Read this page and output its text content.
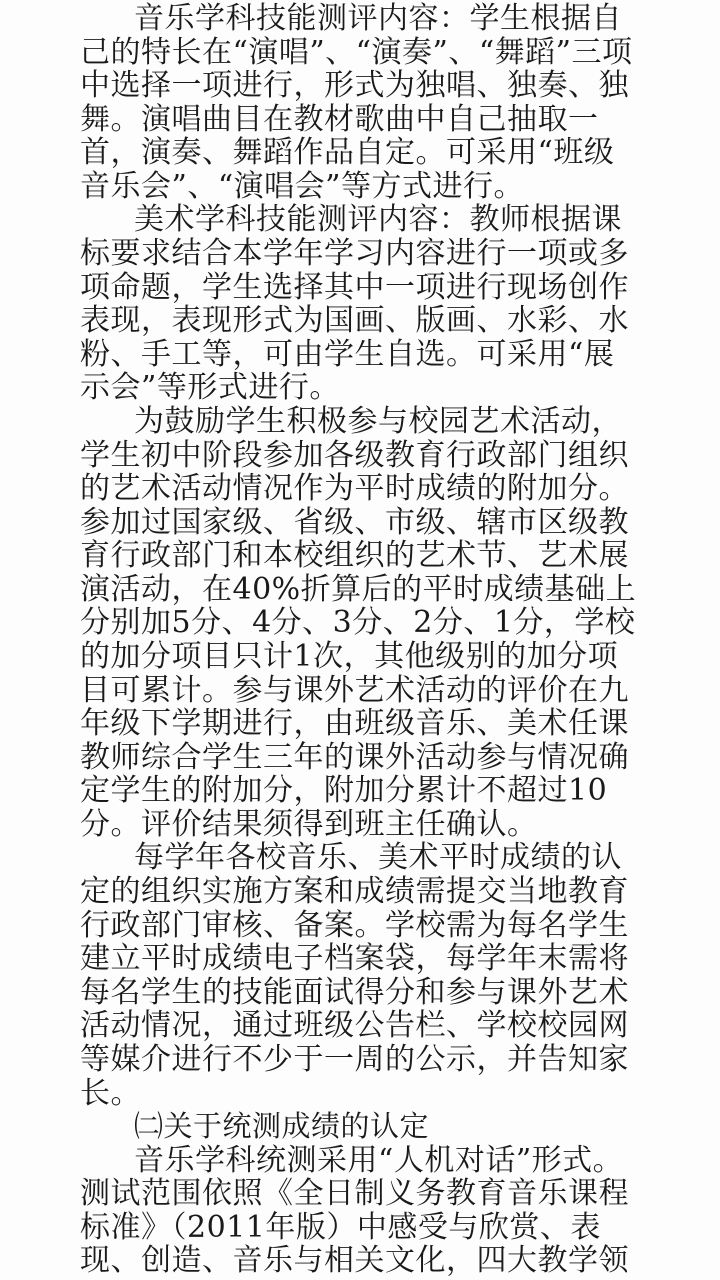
音乐学科技能测评内容：学生根据自
己的特长在“演唱”、“演奏”、“舞蹈”三项
中选择一项进行，形式为独唱、独奏、独
舞。演唱曲目在教材歌曲中自己抽取一
首，演奏、舞蹈作品自定。可采用“班级
音乐会”、“演唱会”等方式进行。
美术学科技能测评内容：教师根据课
标要求结合本学年学习内容进行一项或多
项命题，学生选择其中一项进行现场创作
表现，表现形式为国画、版画、水彩、水
粉、手工等，可由学生自选。可采用“展
示会”等形式进行。
为鼓励学生积极参与校园艺术活动，
学生初中阶段参加各级教育行政部门组织
的艺术活动情况作为平时成绩的附加分。
参加过国家级、省级、市级、辖市区级教
育行政部门和本校组织的艺术节、艺术展
演活动，在40%折算后的平时成绩基础上
分别加5分、4分、3分、2分、1分，学校
的加分项目只计1次，其他级别的加分项
目可累计。参与课外艺术活动的评价在九
年级下学期进行，由班级音乐、美术任课
教师综合学生三年的课外活动参与情况确
定学生的附加分，附加分累计不超过10
分。评价结果须得到班主任确认。
每学年各校音乐、美术平时成绩的认
定的组织实施方案和成绩需提交当地教育
行政部门审核、备案。学校需为每名学生
建立平时成绩电子档案袋，每学年末需将
每名学生的技能面试得分和参与课外艺术
活动情况，通过班级公告栏、学校校园网
等媒介进行不少于一周的公示，并告知家
长。
㈡关于统测成绩的认定
音乐学科统测采用“人机对话”形式。
测试范围依照《全日制义务教育音乐课程
标准》（2011年版）中感受与欣赏、表
现、创造、音乐与相关文化，四大教学领
